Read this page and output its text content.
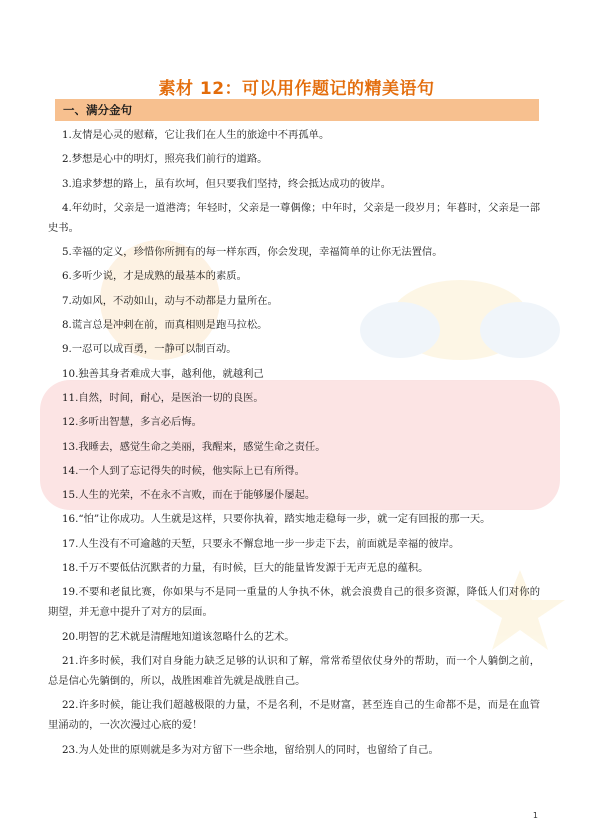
素材 12：可以用作题记的精美语句
一、满分金句
1.友情是心灵的慰藉，它让我们在人生的旅途中不再孤单。
2.梦想是心中的明灯，照亮我们前行的道路。
3.追求梦想的路上，虽有坎坷，但只要我们坚持，终会抵达成功的彼岸。
4.年幼时，父亲是一道港湾；年轻时，父亲是一尊偶像；中年时，父亲是一段岁月；年暮时，父亲是一部史书。
5.幸福的定义，珍惜你所拥有的每一样东西，你会发现，幸福简单的让你无法置信。
6.多听少说，才是成熟的最基本的素质。
7.动如风，不动如山，动与不动都是力量所在。
8.谎言总是冲刺在前，而真相则是跑马拉松。
9.一忍可以成百勇，一静可以制百动。
10.独善其身者难成大事，越利他，就越利己
11.自然，时间，耐心，是医治一切的良医。
12.多听出智慧，多言必后悔。
13.我睡去，感觉生命之美丽，我醒来，感觉生命之责任。
14.一个人到了忘记得失的时候，他实际上已有所得。
15.人生的光荣，不在永不言败，而在于能够屡仆屡起。
16.“怕”让你成功。人生就是这样，只要你执着，踏实地走稳每一步，就一定有回报的那一天。
17.人生没有不可逾越的天堑，只要永不懈怠地一步一步走下去，前面就是幸福的彼岸。
18.千万不要低估沉默者的力量，有时候，巨大的能量皆发源于无声无息的蕴积。
19.不要和老鼠比赛，你如果与不是同一重量的人争执不休，就会浪费自己的很多资源，降低人们对你的期望，并无意中提升了对方的层面。
20.明智的艺术就是清醒地知道该忽略什么的艺术。
21.许多时候，我们对自身能力缺乏足够的认识和了解，常常希望依仗身外的帮助，而一个人躺倒之前，总是信心先躺倒的，所以，战胜困难首先就是战胜自己。
22.许多时候，能让我们超越极限的力量，不是名利，不是财富，甚至连自己的生命都不是，而是在血管里涌动的，一次次漫过心底的爱！
23.为人处世的原则就是多为对方留下一些余地，留给别人的同时，也留给了自己。
1
